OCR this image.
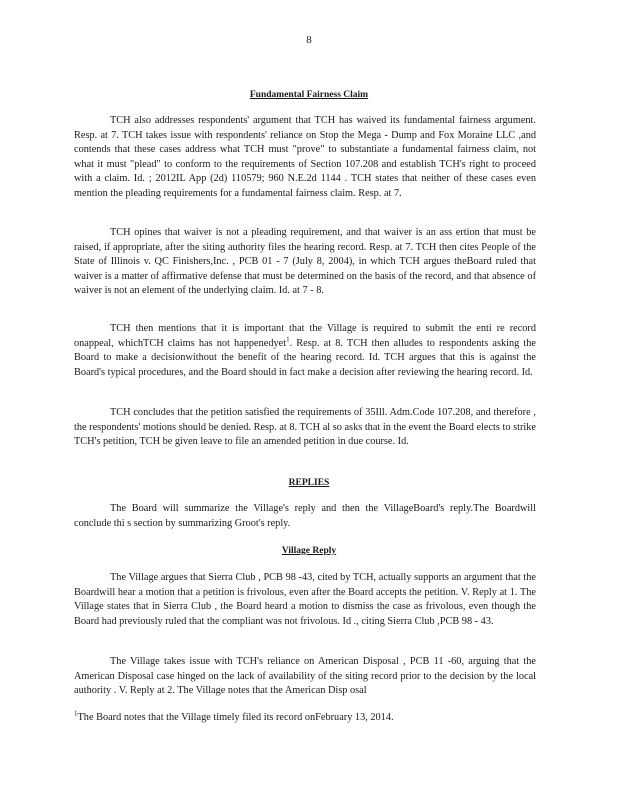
8
Fundamental Fairness Claim

TCH also addresses respondents' argument that TCH has waived its fundamental fairness argument. Resp. at 7. TCH takes issue with respondents' reliance on Stop the Mega - Dump and Fox Moraine LLC ,and contends that these cases address what TCH must "prove" to substantiate a fundamental fairness claim, not what it must "plead" to conform to the requirements of Section 107.208 and establish TCH's right to proceed with a claim. Id. ; 2012IL App (2d) 110579; 960 N.E.2d 1144 . TCH states that neither of these cases even mention the pleading requirements for a fundamental fairness claim. Resp. at 7.

TCH opines that waiver is not a pleading requirement, and that waiver is an ass ertion that must be raised, if appropriate, after the siting authority files the hearing record. Resp. at 7. TCH then cites People of the State of Illinois v. QC Finishers,Inc. , PCB 01 - 7 (July 8, 2004), in which TCH argues theBoard ruled that waiver is a matter of affirmative defense that must be determined on the basis of the record, and that absence of waiver is not an element of the underlying claim. Id. at 7 - 8.

TCH then mentions that it is important that the Village is required to submit the enti re record onappeal, whichTCH claims has not happenedyet$^1$. Resp. at 8. TCH then alludes to respondents asking the Board to make a decisionwithout the benefit of the hearing record. Id. TCH argues that this is against the Board's typical procedures, and the Board should in fact make a decision after reviewing the hearing record. Id.

TCH concludes that the petition satisfied the requirements of 35Ill. Adm.Code 107.208, and therefore , the respondents' motions should be denied. Resp. at 8. TCH al so asks that in the event the Board elects to strike TCH's petition, TCH be given leave to file an amended petition in due course. Id.

REPLIES

The Board will summarize the Village's reply and then the VillageBoard's reply.The Boardwill conclude thi s section by summarizing Groot's reply.

Village Reply

The Village argues that Sierra Club , PCB 98 -43, cited by TCH, actually supports an argument that the Boardwill hear a motion that a petition is frivolous, even after the Board accepts the petition. V. Reply at 1. The Village states that in Sierra Club , the Board heard a motion to dismiss the case as frivolous, even though the Board had previously ruled that the compliant was not frivolous. Id ., citing Sierra Club ,PCB 98 - 43.

The Village takes issue with TCH's reliance on American Disposal , PCB 11 -60, arguing that the American Disposal case hinged on the lack of availability of the siting record prior to the decision by the local authority . V. Reply at 2. The Village notes that the American Disp osal

$^1$The Board notes that the Village timely filed its record onFebruary 13, 2014.
